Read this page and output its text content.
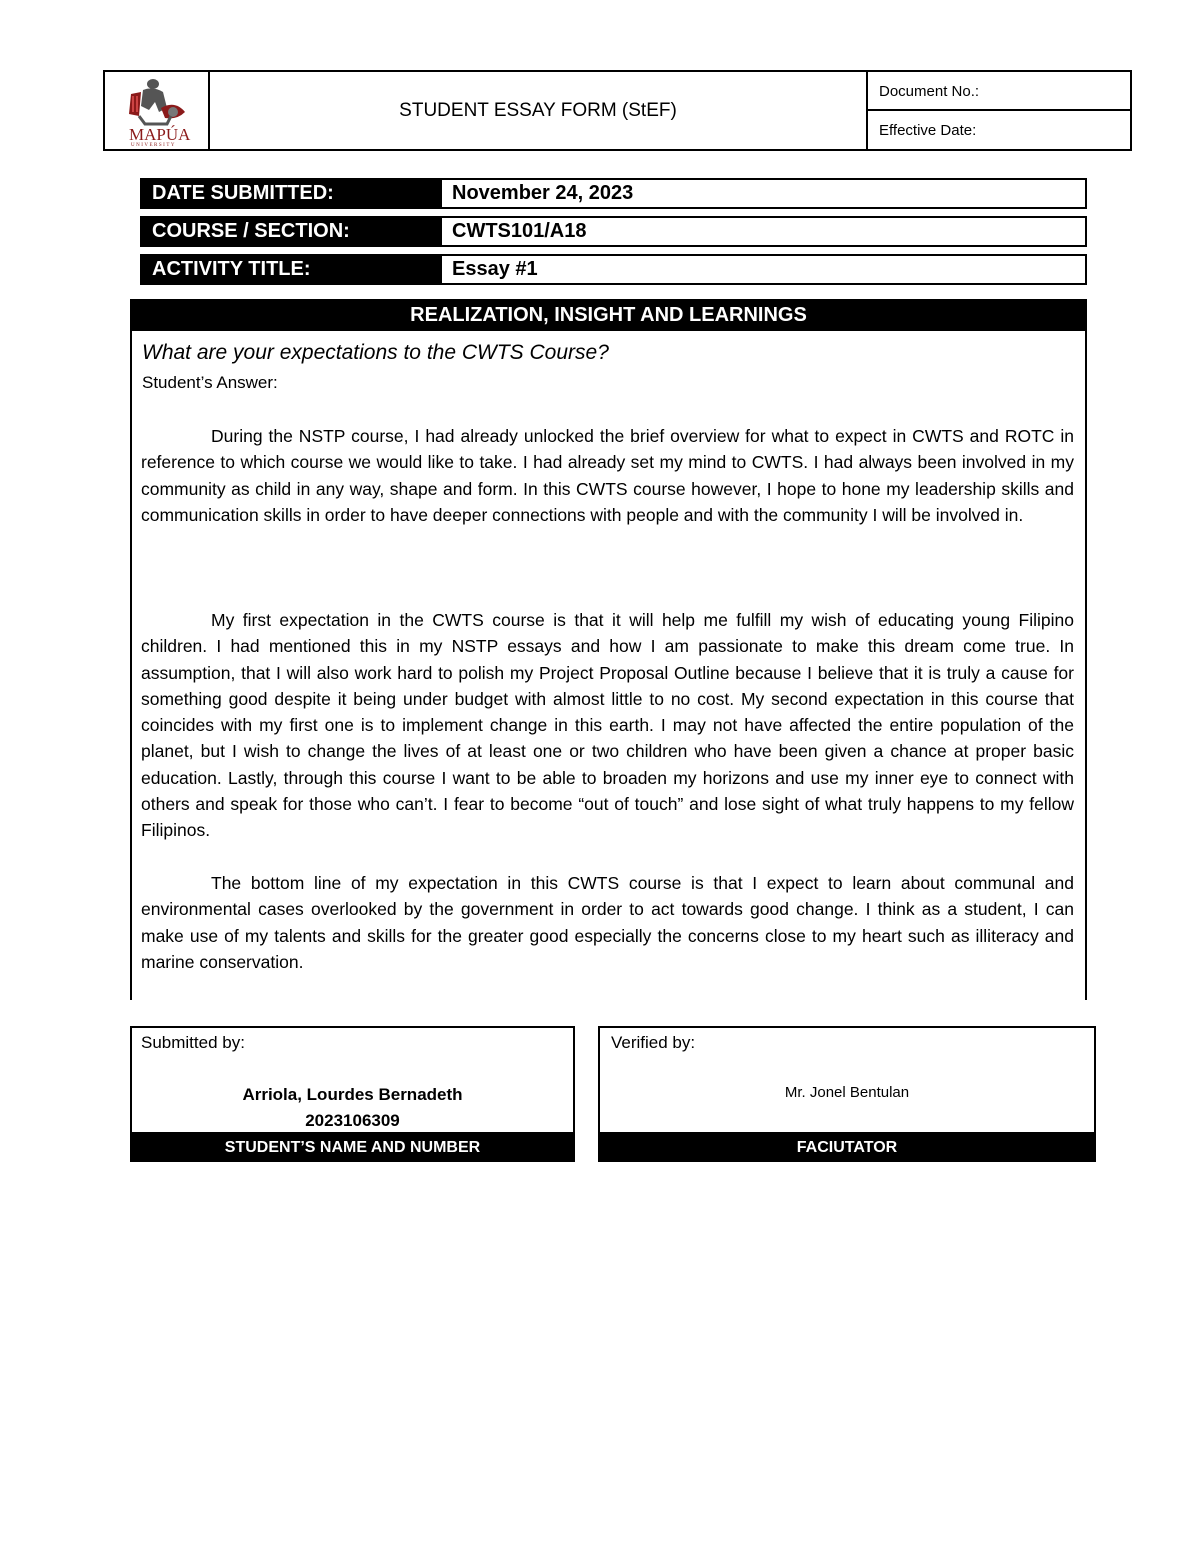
MAPÚA
UNIVERSITY
STUDENT ESSAY FORM (StEF)
Document No.:
Effective Date:
DATE SUBMITTED:	November 24, 2023
COURSE / SECTION:	CWTS101/A18
ACTIVITY TITLE:	Essay #1
REALIZATION, INSIGHT AND LEARNINGS
What are your expectations to the CWTS Course?
Student’s Answer:

During the NSTP course, I had already unlocked the brief overview for what to expect in CWTS and ROTC in reference to which course we would like to take. I had already set my mind to CWTS. I had always been involved in my community as child in any way, shape and form. In this CWTS course however, I hope to hone my leadership skills and communication skills in order to have deeper connections with people and with the community I will be involved in.

My first expectation in the CWTS course is that it will help me fulfill my wish of educating young Filipino children. I had mentioned this in my NSTP essays and how I am passionate to make this dream come true. In assumption, that I will also work hard to polish my Project Proposal Outline because I believe that it is truly a cause for something good despite it being under budget with almost little to no cost. My second expectation in this course that coincides with my first one is to implement change in this earth. I may not have affected the entire population of the planet, but I wish to change the lives of at least one or two children who have been given a chance at proper basic education. Lastly, through this course I want to be able to broaden my horizons and use my inner eye to connect with others and speak for those who can’t. I fear to become “out of touch” and lose sight of what truly happens to my fellow Filipinos.

The bottom line of my expectation in this CWTS course is that I expect to learn about communal and environmental cases overlooked by the government in order to act towards good change. I think as a student, I can make use of my talents and skills for the greater good especially the concerns close to my heart such as illiteracy and marine conservation.

Submitted by:
Arriola, Lourdes Bernadeth
2023106309
STUDENT’S NAME AND NUMBER
Verified by:
Mr. Jonel Bentulan
FACIUTATOR
